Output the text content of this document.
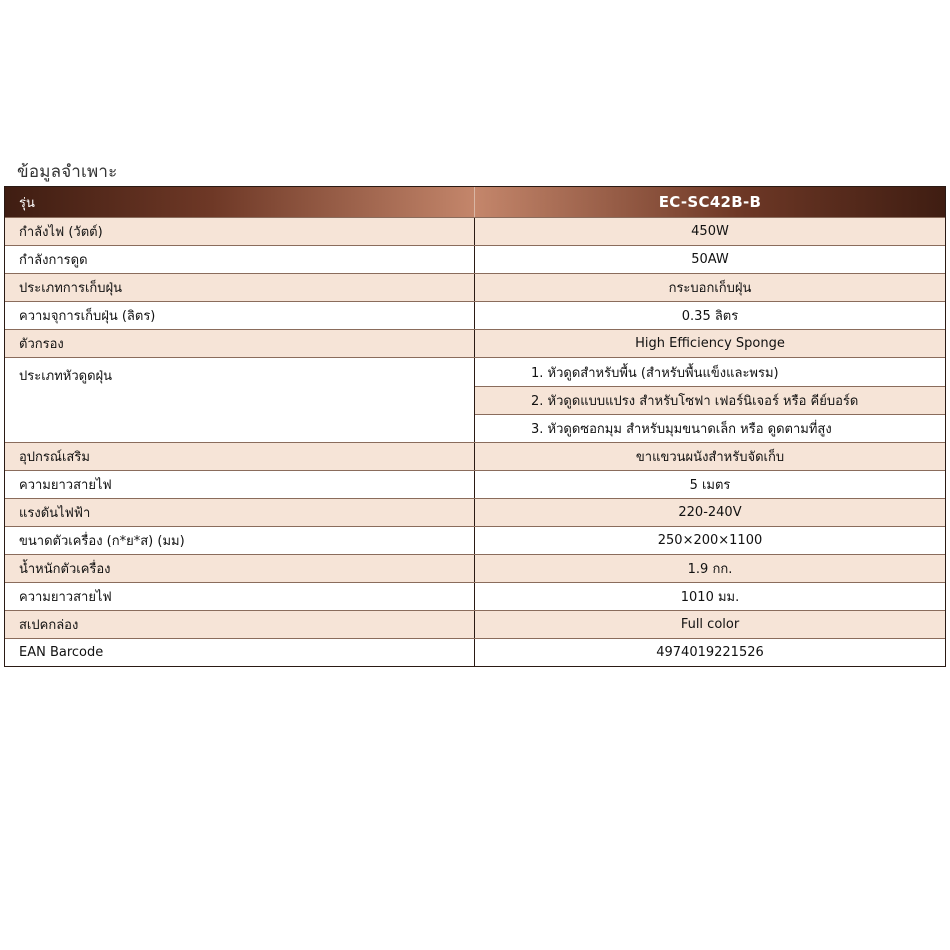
ข้อมูลจำเพาะ
รุ่น	EC-SC42B-B
กำลังไฟ (วัตต์)	450W
กำลังการดูด	50AW
ประเภทการเก็บฝุ่น	กระบอกเก็บฝุ่น
ความจุการเก็บฝุ่น (ลิตร)	0.35 ลิตร
ตัวกรอง	High Efficiency Sponge
ประเภทหัวดูดฝุ่น	1. หัวดูดสำหรับพื้น (สำหรับพื้นแข็งและพรม)
2. หัวดูดแบบแปรง สำหรับโซฟา เฟอร์นิเจอร์ หรือ คีย์บอร์ด
3. หัวดูดซอกมุม สำหรับมุมขนาดเล็ก หรือ ดูดตามที่สูง
อุปกรณ์เสริม	ขาแขวนผนังสำหรับจัดเก็บ
ความยาวสายไฟ	5 เมตร
แรงดันไฟฟ้า	220-240V
ขนาดตัวเครื่อง (ก*ย*ส) (มม)	250×200×1100
น้ำหนักตัวเครื่อง	1.9 กก.
ความยาวสายไฟ	1010 มม.
สเปคกล่อง	Full color
EAN Barcode	4974019221526
